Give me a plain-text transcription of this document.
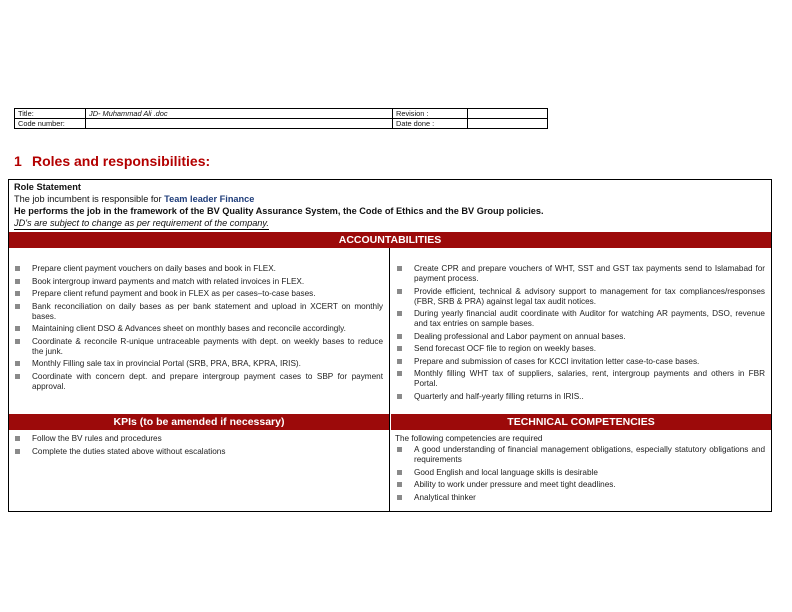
Title:	JD- Muhammad Ali .doc	Revision :	
Code number:		Date done :	
1 Roles and responsibilities:
Role Statement
The job incumbent is responsible for Team leader Finance
He performs the job in the framework of the BV Quality Assurance System, the Code of Ethics and the BV Group policies.
JD's are subject to change as per requirement of the company.
ACCOUNTABILITIES
Prepare client payment vouchers on daily bases and book in FLEX.
Book intergroup inward payments and match with related invoices in FLEX.
Prepare client refund payment and book in FLEX as per cases–to-case bases.
Bank reconciliation on daily bases as per bank statement and upload in XCERT on monthly bases.
Maintaining client DSO & Advances sheet on monthly bases and reconcile accordingly.
Coordinate & reconcile R-unique untraceable payments with dept. on weekly bases to reduce the junk.
Monthly Filling sale tax in provincial Portal (SRB, PRA, BRA, KPRA, IRIS).
Coordinate with concern dept. and prepare intergroup payment cases to SBP for payment approval.
Create CPR and prepare vouchers of WHT, SST and GST tax payments send to Islamabad for payment process.
Provide efficient, technical & advisory support to management for tax compliances/responses (FBR, SRB & PRA) against legal tax audit notices.
During yearly financial audit coordinate with Auditor for watching AR payments, DSO, revenue and tax entries on sample bases.
Dealing professional and Labor payment on annual bases.
Send forecast OCF file to region on weekly bases.
Prepare and submission of cases for KCCI invitation letter case-to-case bases.
Monthly filling WHT tax of suppliers, salaries, rent, intergroup payments and others in FBR Portal.
Quarterly and half-yearly filling returns in IRIS..
KPIs (to be amended if necessary)	TECHNICAL COMPETENCIES
Follow the BV rules and procedures
Complete the duties stated above without escalations
The following competencies are required
A good understanding of financial management obligations, especially statutory obligations and requirements
Good English and local language skills is desirable
Ability to work under pressure and meet tight deadlines.
Analytical thinker
